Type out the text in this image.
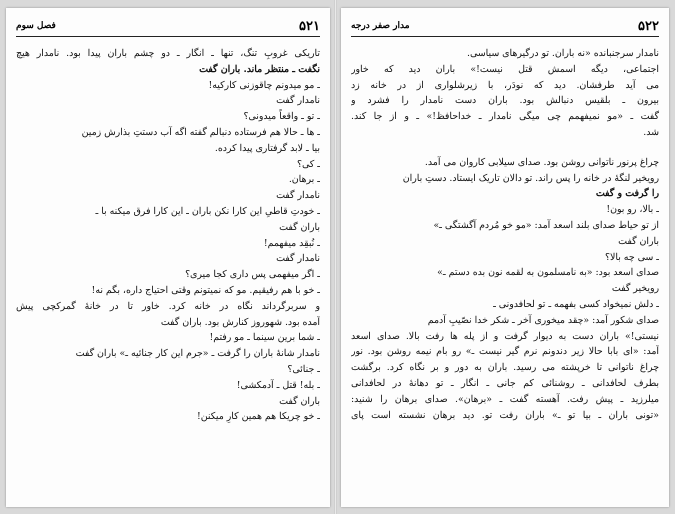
۵۲۱
فصل سوم
تاریکی غروبِ تنگ، تنها ـ انگار ـ دو چشم باران پیدا بود. نامدار هیچ
نگفت ـ منتظر ماند. باران گفت
ـ مو میدونم چاقوزنی کارکیه!
نامدار گفت
ـ تو ـ واقعاً میدونی؟
ـ ها ـ حالا هم فرستاده دنبالم گفته اگه آب دستتِ بذارش زمین
بیا ـ لابد گرفتاری پیدا کرده.
ـ کی؟
ـ برهان.
نامدار گفت
ـ خودتِ قاطیِ این کارا نکن باران ـ این کارا فرق میکنه با ـ
باران گفت
ـ نُبقِد میفهمم!
نامدار گفت
ـ اگر میفهمی پس داری کجا میری؟
ـ خو با هم رفیقیم. مو که نمیتونم وقتی احتیاج داره، بگم نه!
و سربرگرداند نگاه در خانه کرد. خاور تا در خانهٔ گمرکچی پیش
آمده بود. شهوروز کنارش بود. باران گفت
ـ شما برین سینما ـ مو رفتم!
نامدار شانهٔ باران را گرفت ـ «جرم این کار جنائیه ـ» باران گفت
ـ جنائی؟
ـ بله! قتل ـ آدمکشی!
باران گفت
ـ خو چریکا هم همین کارِ میکنن!
۵۲۲
مدار صفر درجه
نامدار سرجنبانده «نه باران. تو درگیرهای سیاسی.
اجتماعی، دیگه اسمش قتل نیست!» باران دید که خاور
می آید طرفشان. دید که نودَر، با زیرشلواری از در خانه زد
بیرون ـ بلقیس دنبالش بود. باران دست نامدار را فشرد و
گفت ـ «مو نمیفهمم چی میگی نامدار ـ خداحافظ!» ـ و از جا کند.
شد.
چراغ پرنور ناتوانی روشن بود. صدای سیلابی کاروان می آمد.
رویخیر لنگهٔ در خانه را پس راند. تو دالان تاریک ایستاد. دستِ باران
را گرفت و گفت
ـ بالا، رو بون!
از تو حیاط صدای بلند اسعد آمد: «مو خو مُردم آگشتگی ـ»
باران گفت
ـ سی چه بالا؟
صدای اسعد بود: «به نامسلمون به لقمه نون بده دستم ـ»
رویخیر گفت
ـ دلش نمیخواد کسی بفهمه ـ تو لحافدونی ـ
صدای شکور آمد: «چقد میخوری آخر ـ شکر خدا نصّیبِ آدمم
نیستی!» باران دست به دیوار گرفت و از پله ها رفت بالا. صدای اسعد
آمد: «ای بابا حالا زیر دندونم نرم گیر نیست ـ» رو بام نیمه روشن بود. نور
چراغ ناتوانی تا خرپشته می رسید. باران به دور و بر نگاه کرد. برگشت
بطرف لحافدانی ـ روشنائی کم جانی ـ انگار ـ تو دهانهٔ در لحافدانی
میلرزید ـ پیش رفت. آهسته گفت ـ «برهان». صدای برهان را شنید:
«تونی باران ـ بیا تو ـ» باران رفت تو. دید برهان نشسته است پای
